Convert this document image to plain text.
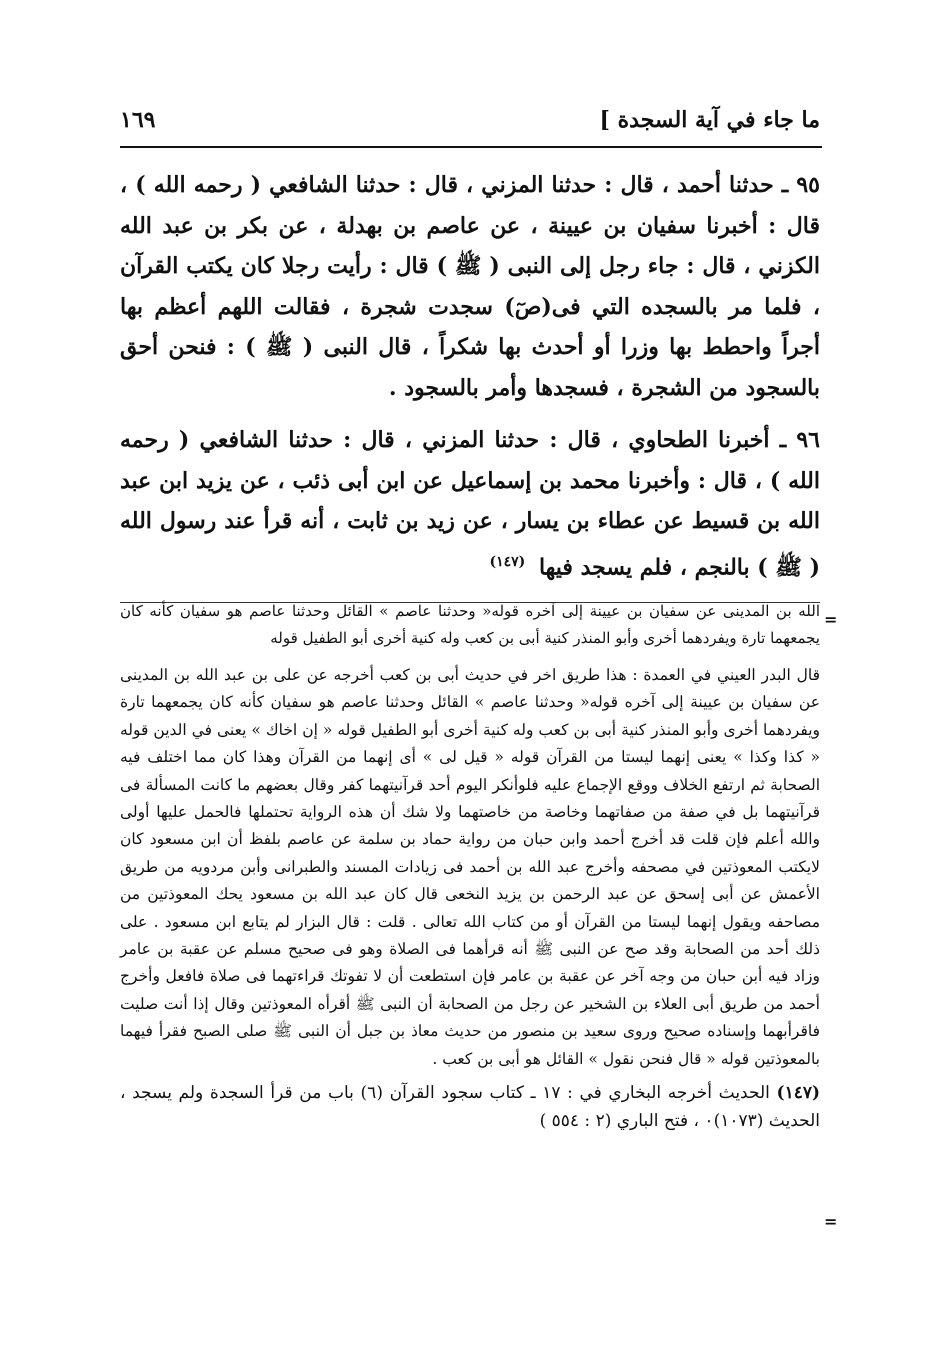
ما جاء في آية السجدة ]
١٦٩

٩٥ ـ حدثنا أحمد ، قال : حدثنا المزني ، قال : حدثنا الشافعي ( رحمه الله ) ، قال : أخبرنا سفيان بن عيينة ، عن عاصم بن بهدلة ، عن بكر بن عبد الله الكزني ، قال : جاء رجل إلى النبى ( ﷺ ) قال : رأيت رجلا كان يكتب القرآن ، فلما مر بالسجده التي فى(صٓ) سجدت شجرة ، فقالت اللهم أعظم بها أجراً واحطط بها وزرا أو أحدث بها شكراً ، قال النبى ( ﷺ ) : فنحن أحق بالسجود من الشجرة ، فسجدها وأمر بالسجود .

٩٦ ـ أخبرنا الطحاوي ، قال : حدثنا المزني ، قال : حدثنا الشافعي ( رحمه الله ) ، قال : وأخبرنا محمد بن إسماعيل عن ابن أبى ذئب ، عن يزيد ابن عبد الله بن قسيط عن عطاء بن يسار ، عن زيد بن ثابت ، أنه قرأ عند رسول الله ( ﷺ ) بالنجم ، فلم يسجد فيها $^{(١٤٧)}$

=

الله بن المدينى عن سفيان بن عيينة إلى آخره قوله« وحدثنا عاصم » القائل وحدثنا عاصم هو سفيان كأنه كان يجمعهما تارة ويفردهما أخرى وأبو المنذر كنية أبى بن كعب وله كنية أخرى أبو الطفيل قوله

قال البدر العيني في العمدة : هذا طريق اخر في حديث أبى بن كعب أخرجه عن على بن عبد الله بن المدينى عن سفيان بن عيينة إلى آخره قوله« وحدثنا عاصم » القائل وحدثنا عاصم هو سفيان كأنه كان يجمعهما تارة ويفردهما أخرى وأبو المنذر كنية أبى بن كعب وله كنية أخرى أبو الطفيل قوله « إن اخاك » يعنى في الدين قوله « كذا وكذا » يعنى إنهما ليستا من القرآن قوله « قيل لى » أى إنهما من القرآن وهذا كان مما اختلف فيه الصحابة ثم ارتفع الخلاف ووقع الإجماع عليه فلوأنكر اليوم أحد قرآنيتهما كفر وقال بعضهم ما كانت المسألة فى قرآنيتهما بل في صفة من صفاتهما وخاصة من خاصتهما ولا شك أن هذه الرواية تحتملها فالحمل عليها أولى والله أعلم فإن قلت قد أخرج أحمد وابن حبان من رواية حماد بن سلمة عن عاصم بلفظ أن ابن مسعود كان لايكتب المعوذتين في مصحفه وأخرج عبد الله بن أحمد فى زيادات المسند والطبرانى وأبن مردويه من طريق الأعمش عن أبى إسحق عن عبد الرحمن بن يزيد النخعى قال كان عبد الله بن مسعود يحك المعوذتين من مصاحفه ويقول إنهما ليستا من القرآن أو من كتاب الله تعالى . قلت : قال البزار لم يتابع ابن مسعود . على ذلك أحد من الصحابة وقد صح عن النبى ﷺ أنه قرأهما فى الصلاة وهو فى صحيح مسلم عن عقبة بن عامر وزاد فيه أبن حبان من وجه آخر عن عقبة بن عامر فإن استطعت أن لا تفوتك قراءتهما فى صلاة فافعل وأخرج أحمد من طريق أبى العلاء بن الشخير عن رجل من الصحابة أن النبى ﷺ أقرأه المعوذتين وقال إذا أنت صليت فاقرأبهما وإسناده صحيح وروى سعيد بن منصور من حديث معاذ بن جبل أن النبى ﷺ صلى الصبح فقرأ فيهما بالمعوذتين قوله « قال فنحن نقول » القائل هو أبى بن كعب .

(١٤٧) الحديث أخرجه البخاري في : ١٧ ـ كتاب سجود القرآن (٦) باب من قرأ السجدة ولم يسجد ، الحديث (١٠٧٣)٠ ، فتح الباري (٢ : ٥٥٤ )

=
